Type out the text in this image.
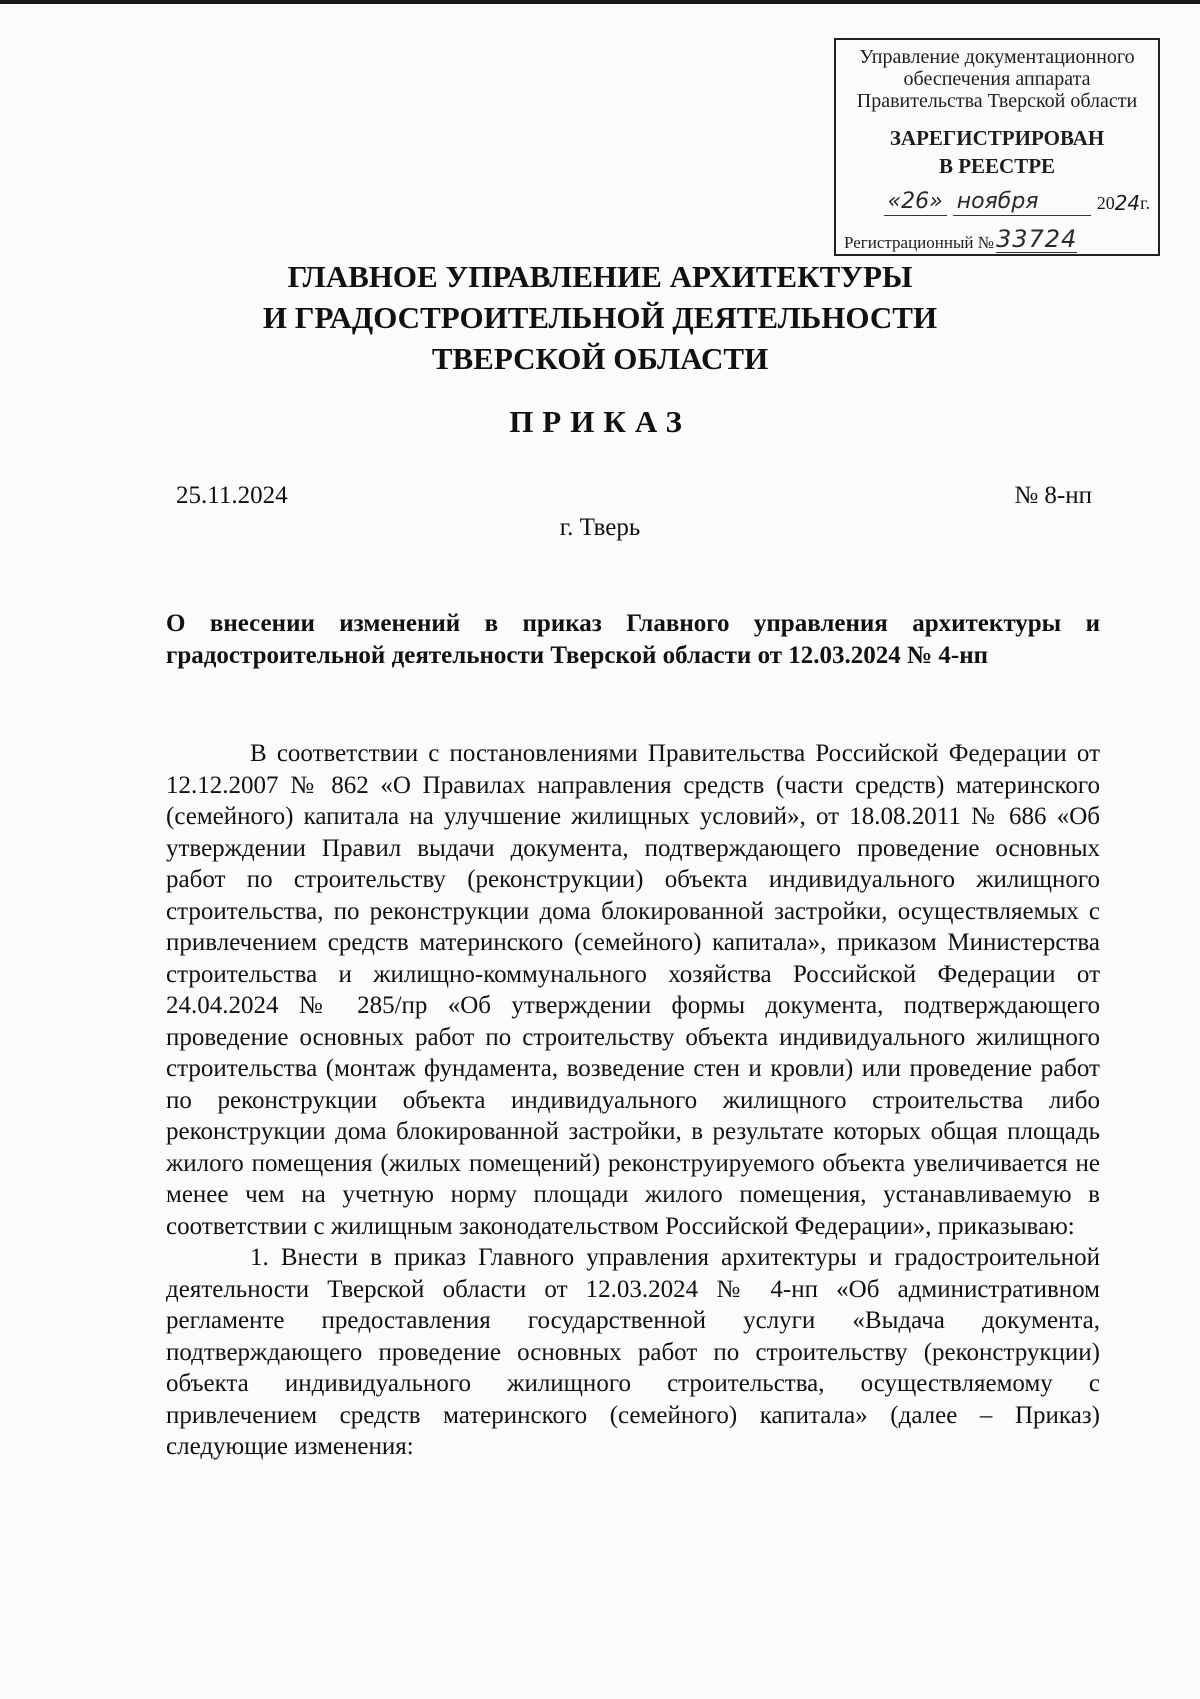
Управление документационного
обеспечения аппарата
Правительства Тверской области
ЗАРЕГИСТРИРОВАН
В РЕЕСТРЕ
«26» ноября	20 24 г.
Регистрационный № 33724
ГЛАВНОЕ УПРАВЛЕНИЕ АРХИТЕКТУРЫ
И ГРАДОСТРОИТЕЛЬНОЙ ДЕЯТЕЛЬНОСТИ
ТВЕРСКОЙ ОБЛАСТИ
ПРИКАЗ
25.11.2024	№ 8-нп
г. Тверь
О внесении изменений в приказ Главного управления архитектуры и градостроительной деятельности Тверской области от 12.03.2024 № 4-нп

В соответствии с постановлениями Правительства Российской Федерации от 12.12.2007 № 862 «О Правилах направления средств (части средств) материнского (семейного) капитала на улучшение жилищных условий», от 18.08.2011 № 686 «Об утверждении Правил выдачи документа, подтверждающего проведение основных работ по строительству (реконструкции) объекта индивидуального жилищного строительства, по реконструкции дома блокированной застройки, осуществляемых с привлечением средств материнского (семейного) капитала», приказом Министерства строительства и жилищно-коммунального хозяйства Российской Федерации от 24.04.2024 № 285/пр «Об утверждении формы документа, подтверждающего проведение основных работ по строительству объекта индивидуального жилищного строительства (монтаж фундамента, возведение стен и кровли) или проведение работ по реконструкции объекта индивидуального жилищного строительства либо реконструкции дома блокированной застройки, в результате которых общая площадь жилого помещения (жилых помещений) реконструируемого объекта увеличивается не менее чем на учетную норму площади жилого помещения, устанавливаемую в соответствии с жилищным законодательством Российской Федерации», приказываю:

1. Внести в приказ Главного управления архитектуры и градостроительной деятельности Тверской области от 12.03.2024 № 4-нп «Об административном регламенте предоставления государственной услуги «Выдача документа, подтверждающего проведение основных работ по строительству (реконструкции) объекта индивидуального жилищного строительства, осуществляемому с привлечением средств материнского (семейного) капитала» (далее – Приказ) следующие изменения:
